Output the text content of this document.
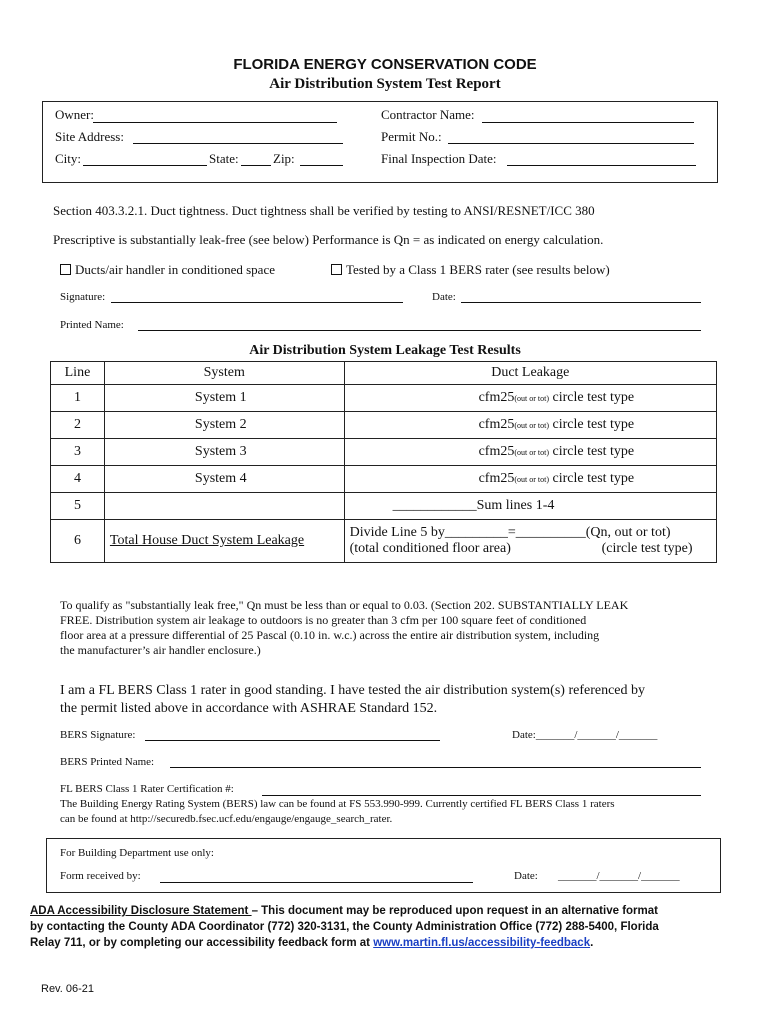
FLORIDA ENERGY CONSERVATION CODE
Air Distribution System Test Report
Owner:	Contractor Name:
Site Address:	Permit No.:
City:	State:	Zip:	Final Inspection Date:
Section 403.3.2.1. Duct tightness. Duct tightness shall be verified by testing to ANSI/RESNET/ICC 380
Prescriptive is substantially leak-free (see below) Performance is Qn = as indicated on energy calculation.
Ducts/air handler in conditioned space	Tested by a Class 1 BERS rater (see results below)
Signature:	Date:
Printed Name:
Air Distribution System Leakage Test Results
Line	System	Duct Leakage
1	System 1	cfm25(out or tot) circle test type
2	System 2	cfm25(out or tot) circle test type
3	System 3	cfm25(out or tot) circle test type
4	System 4	cfm25(out or tot) circle test type
5		____________Sum lines 1-4
6	Total House Duct System Leakage	Divide Line 5 by_________=__________(Qn, out or tot)
(total conditioned floor area) (circle test type)
To qualify as "substantially leak free," Qn must be less than or equal to 0.03. (Section 202. SUBSTANTIALLY LEAK
FREE. Distribution system air leakage to outdoors is no greater than 3 cfm per 100 square feet of conditioned
floor area at a pressure differential of 25 Pascal (0.10 in. w.c.) across the entire air distribution system, including
the manufacturer’s air handler enclosure.)
I am a FL BERS Class 1 rater in good standing. I have tested the air distribution system(s) referenced by
the permit listed above in accordance with ASHRAE Standard 152.
BERS Signature:	Date:_______/_______/_______
BERS Printed Name:
FL BERS Class 1 Rater Certification #:
The Building Energy Rating System (BERS) law can be found at FS 553.990-999. Currently certified FL BERS Class 1 raters
can be found at http://securedb.fsec.ucf.edu/engauge/engauge_search_rater.
For Building Department use only:
Form received by:	Date: _______/_______/_______
ADA Accessibility Disclosure Statement – This document may be reproduced upon request in an alternative format
by contacting the County ADA Coordinator (772) 320-3131, the County Administration Office (772) 288-5400, Florida
Relay 711, or by completing our accessibility feedback form at www.martin.fl.us/accessibility-feedback.
Rev. 06-21
